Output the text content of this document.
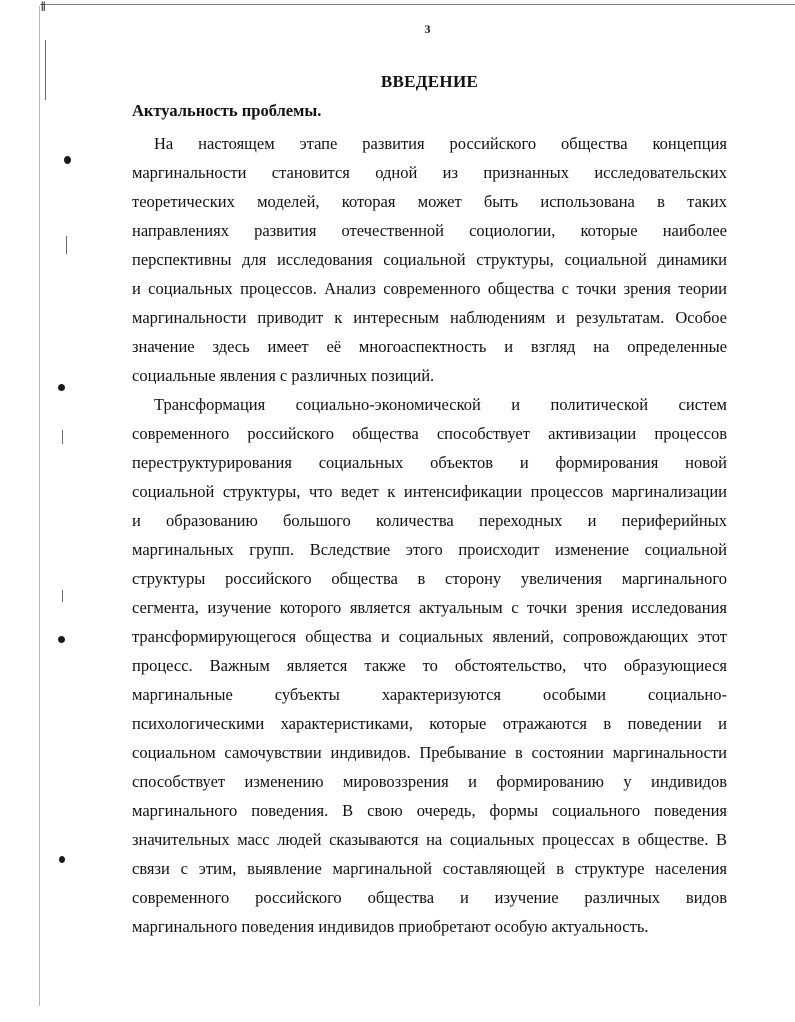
‖
3
ВВЕДЕНИЕ
Актуальность проблемы.
На настоящем этапе развития российского общества концепция
маргинальности становится одной из признанных исследовательских
теоретических моделей, которая может быть использована в таких
направлениях развития отечественной социологии, которые наиболее
перспективны для исследования социальной структуры, социальной динамики
и социальных процессов. Анализ современного общества с точки зрения теории
маргинальности приводит к интересным наблюдениям и результатам. Особое
значение здесь имеет её многоаспектность и взгляд на определенные
социальные явления с различных позиций.
Трансформация социально-экономической и политической систем
современного российского общества способствует активизации процессов
переструктурирования социальных объектов и формирования новой
социальной структуры, что ведет к интенсификации процессов маргинализации
и образованию большого количества переходных и периферийных
маргинальных групп. Вследствие этого происходит изменение социальной
структуры российского общества в сторону увеличения маргинального
сегмента, изучение которого является актуальным с точки зрения исследования
трансформирующегося общества и социальных явлений, сопровождающих этот
процесс. Важным является также то обстоятельство, что образующиеся
маргинальные субъекты характеризуются особыми социально-
психологическими характеристиками, которые отражаются в поведении и
социальном самочувствии индивидов. Пребывание в состоянии маргинальности
способствует изменению мировоззрения и формированию у индивидов
маргинального поведения. В свою очередь, формы социального поведения
значительных масс людей сказываются на социальных процессах в обществе. В
связи с этим, выявление маргинальной составляющей в структуре населения
современного российского общества и изучение различных видов
маргинального поведения индивидов приобретают особую актуальность.
